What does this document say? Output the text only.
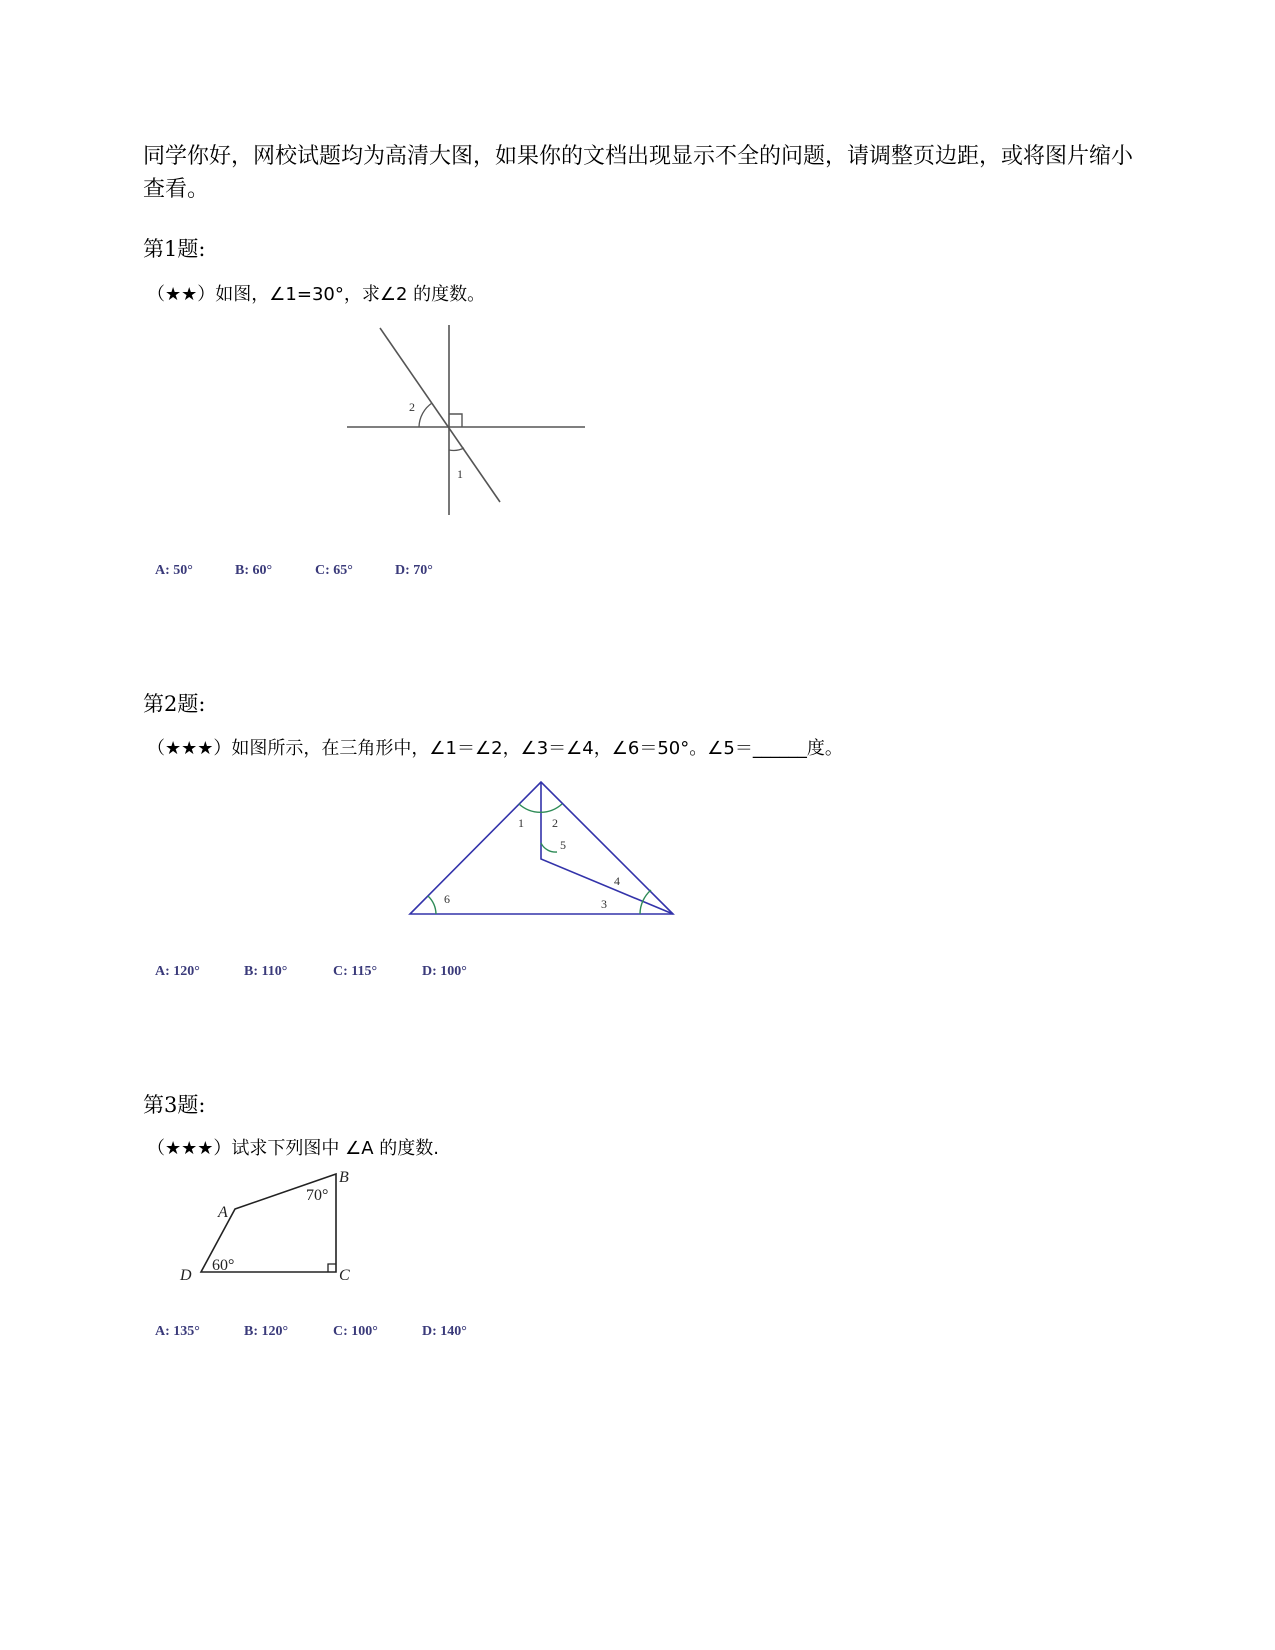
同学你好，网校试题均为高清大图，如果你的文档出现显示不全的问题，请调整页边距，或将图片缩小查看。

第1题:
（★★）如图，∠1=30°，求∠2 的度数。
2
1
A: 50°	B: 60°	C: 65°	D: 70°
第2题:
（★★★）如图所示，在三角形中，∠1＝∠2，∠3＝∠4，∠6＝50°。∠5＝______度。
1 2
5
4
6	3
A: 120°	B: 110°	C: 115°	D: 100°
第3题:
（★★★）试求下列图中 ∠A 的度数.
A
B
70°
60°
D	C
A: 135°	B: 120°	C: 100°	D: 140°
